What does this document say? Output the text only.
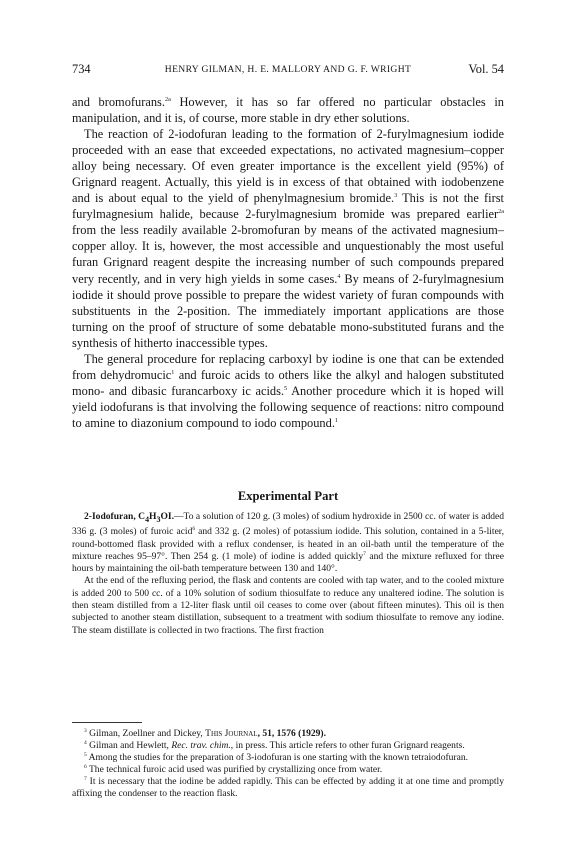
734	HENRY GILMAN, H. E. MALLORY AND G. F. WRIGHT	Vol. 54

and bromofurans.$^{2a}$ However, it has so far offered no particular obstacles in manipulation, and it is, of course, more stable in dry ether solutions.

The reaction of 2-iodofuran leading to the formation of 2-furylmagnesium iodide proceeded with an ease that exceeded expectations, no activated magnesium–copper alloy being necessary. Of even greater importance is the excellent yield (95%) of Grignard reagent. Actually, this yield is in excess of that obtained with iodobenzene and is about equal to the yield of phenylmagnesium bromide.$^3$ This is not the first furylmagnesium halide, because 2-furylmagnesium bromide was prepared earlier$^{2a}$ from the less readily available 2-bromofuran by means of the activated magnesium–copper alloy. It is, however, the most accessible and unquestionably the most useful furan Grignard reagent despite the increasing number of such compounds prepared very recently, and in very high yields in some cases.$^4$ By means of 2-furylmagnesium iodide it should prove possible to prepare the widest variety of furan compounds with substituents in the 2-position. The immediately important applications are those turning on the proof of structure of some debatable mono-substituted furans and the synthesis of hitherto inaccessible types.

The general procedure for replacing carboxyl by iodine is one that can be extended from dehydromucic$^1$ and furoic acids to others like the alkyl and halogen substituted mono- and dibasic furancarboxy ic acids.$^5$ Another procedure which it is hoped will yield iodofurans is that involving the following sequence of reactions: nitro compound to amine to diazonium compound to iodo compound.$^1$

Experimental Part

2-Iodofuran, $C_4H_3OI.—To$ a solution of 120 g. (3 moles) of sodium hydroxide in 2500 cc. of water is added 336 g. (3 moles) of furoic acid$^6$ and 332 g. (2 moles) of potassium iodide. This solution, contained in a 5-liter, round-bottomed flask provided with a reflux condenser, is heated in an oil-bath until the temperature of the mixture reaches 95–97°. Then 254 g. (1 mole) of iodine is added quickly$^7$ and the mixture refluxed for three hours by maintaining the oil-bath temperature between 130 and 140°.

At the end of the refluxing period, the flask and contents are cooled with tap water, and to the cooled mixture is added 200 to 500 cc. of a 10% solution of sodium thiosulfate to reduce any unaltered iodine. The solution is then steam distilled from a 12-liter flask until oil ceases to come over (about fifteen minutes). This oil is then subjected to another steam distillation, subsequent to a treatment with sodium thiosulfate to remove any iodine. The steam distillate is collected in two fractions. The first fraction

$^3$ Gilman, Zoellner and Dickey, This Journal, 51, 1576 (1929).

$^4$ Gilman and Hewlett, Rec. trav. chim., in press. This article refers to other furan Grignard reagents.

$^5$ Among the studies for the preparation of 3-iodofuran is one starting with the known tetraiodofuran.

$^6$ The technical furoic acid used was purified by crystallizing once from water.

$^7$ It is necessary that the iodine be added rapidly. This can be effected by adding it at one time and promptly affixing the condenser to the reaction flask.
